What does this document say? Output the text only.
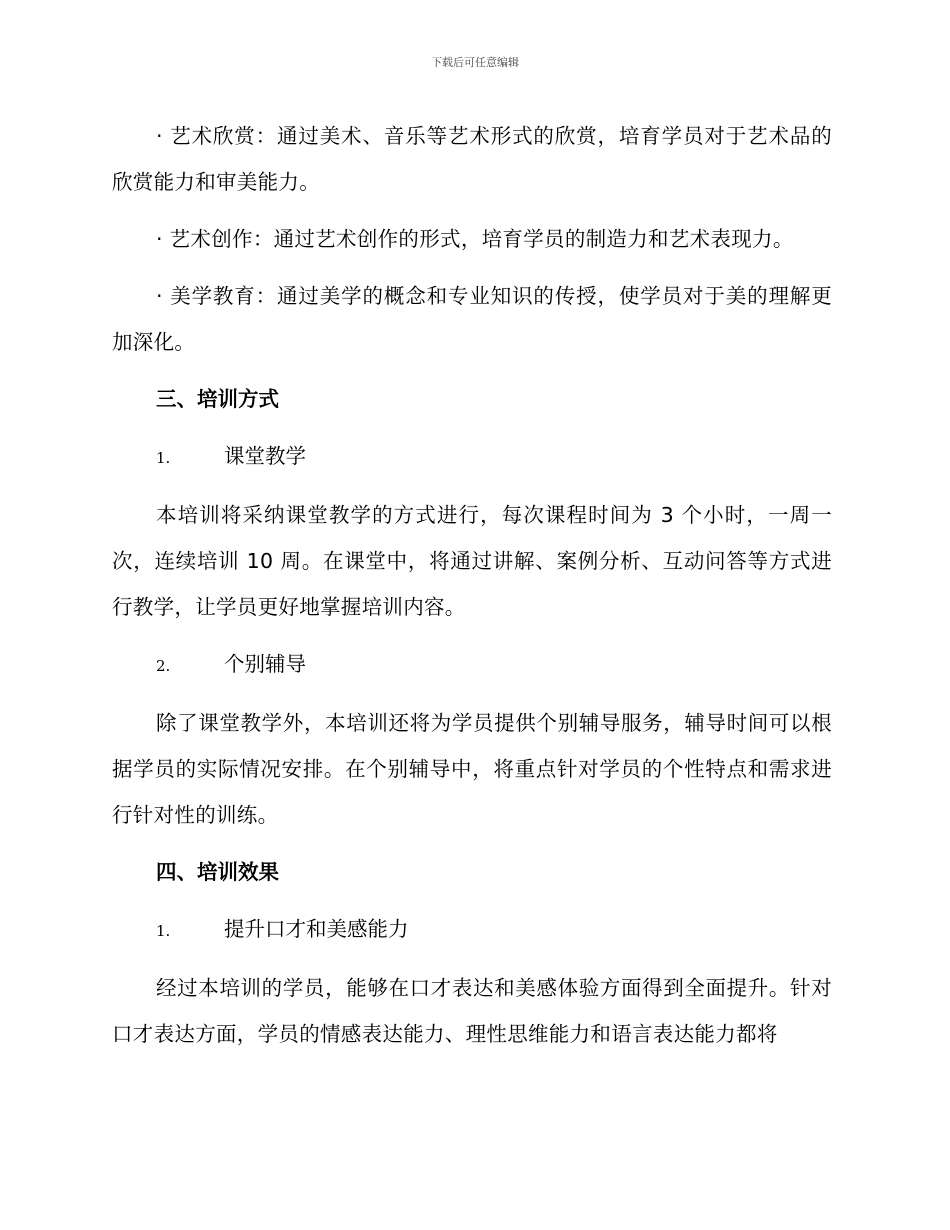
下载后可任意编辑

· 艺术欣赏：通过美术、音乐等艺术形式的欣赏，培育学员对于艺术品的欣赏能力和审美能力。

· 艺术创作：通过艺术创作的形式，培育学员的制造力和艺术表现力。

· 美学教育：通过美学的概念和专业知识的传授，使学员对于美的理解更加深化。

三、培训方式
1.	课堂教学

本培训将采纳课堂教学的方式进行，每次课程时间为 3 个小时，一周一次，连续培训 10 周。在课堂中，将通过讲解、案例分析、互动问答等方式进行教学，让学员更好地掌握培训内容。

2.	个别辅导

除了课堂教学外，本培训还将为学员提供个别辅导服务，辅导时间可以根据学员的实际情况安排。在个别辅导中，将重点针对学员的个性特点和需求进行针对性的训练。

四、培训效果
1.	提升口才和美感能力

经过本培训的学员，能够在口才表达和美感体验方面得到全面提升。针对口才表达方面，学员的情感表达能力、理性思维能力和语言表达能力都将
